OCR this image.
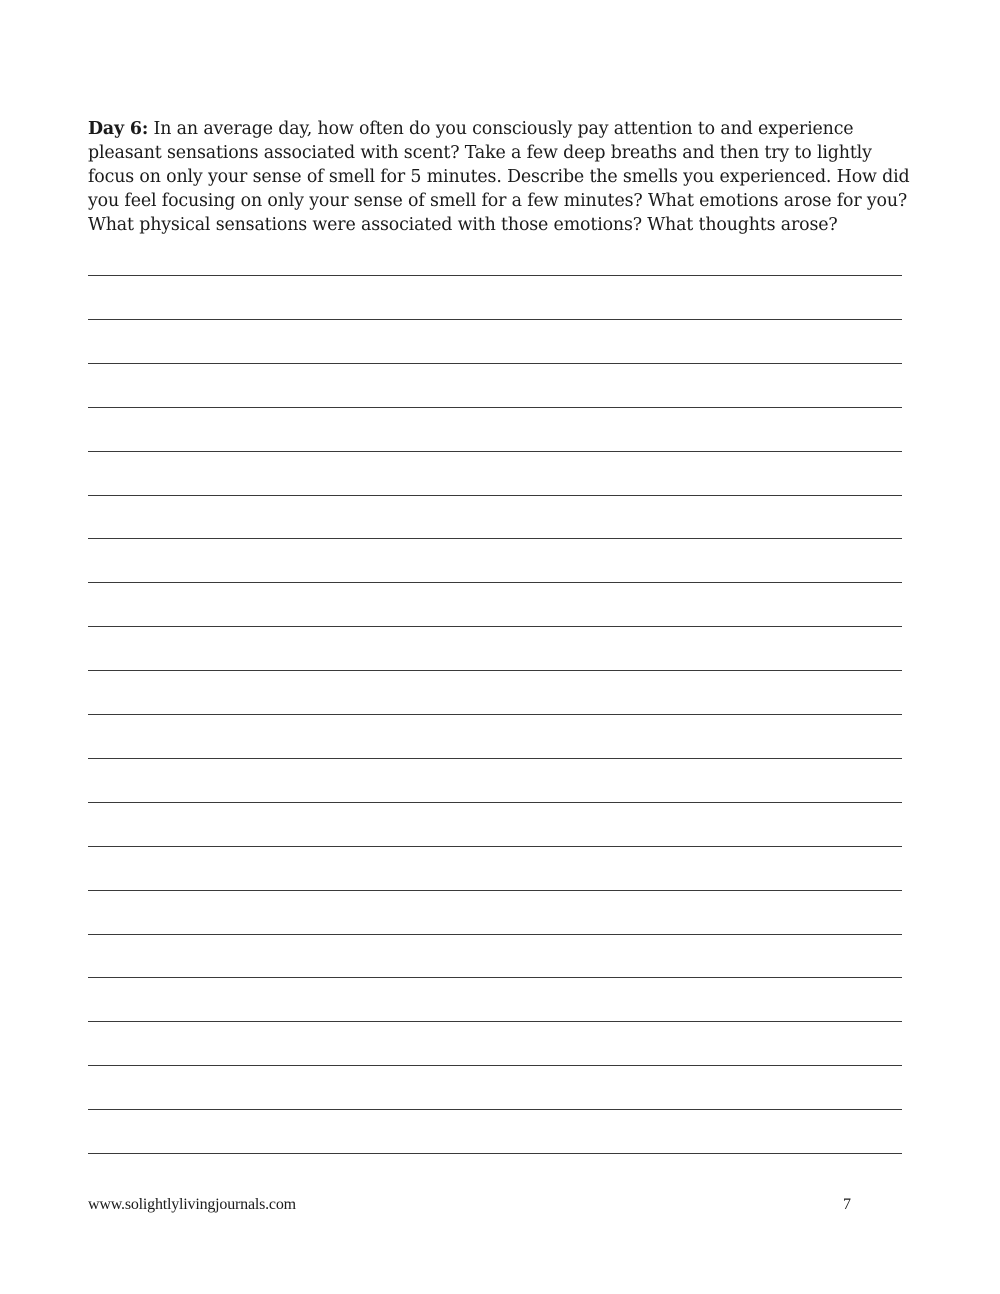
Day 6: In an average day, how often do you consciously pay attention to and experience pleasant sensations associated with scent? Take a few deep breaths and then try to lightly focus on only your sense of smell for 5 minutes. Describe the smells you experienced. How did you feel focusing on only your sense of smell for a few minutes? What emotions arose for you? What physical sensations were associated with those emotions? What thoughts arose?
www.solightlylivingjournals.com	7
